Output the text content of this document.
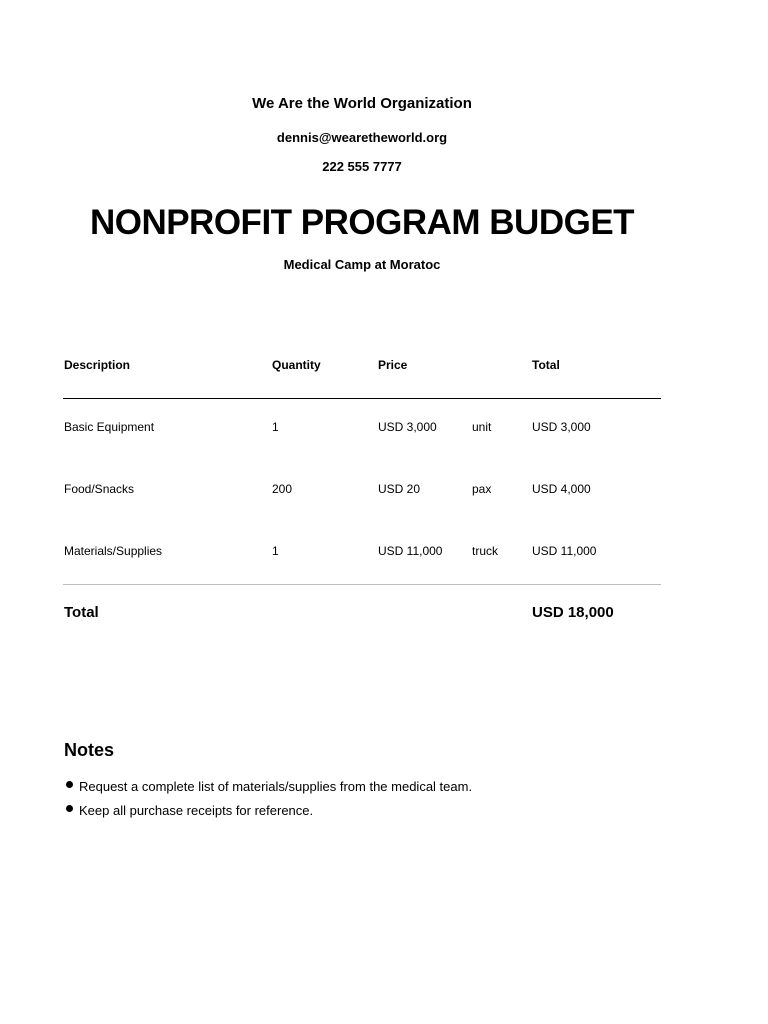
We Are the World Organization
dennis@wearetheworld.org
222 555 7777
NONPROFIT PROGRAM BUDGET
Medical Camp at Moratoc
Description	Quantity	Price	Total
Basic Equipment	1	USD 3,000	unit	USD 3,000
Food/Snacks	200	USD 20	pax	USD 4,000
Materials/Supplies	1	USD 11,000 truck	USD 11,000
Total	USD 18,000
Notes
Request a complete list of materials/supplies from the medical team.
Keep all purchase receipts for reference.
